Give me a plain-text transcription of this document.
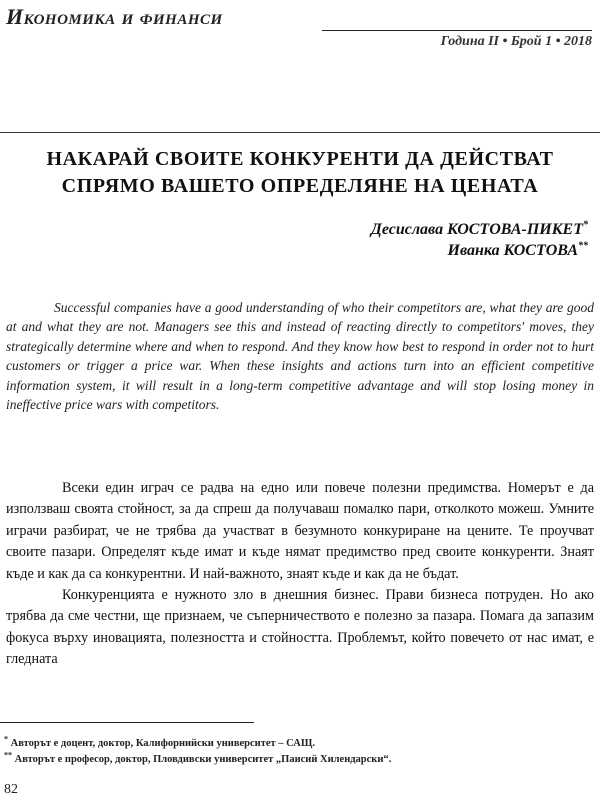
Икономика и финанси
Година II • Брой 1 • 2018
НАКАРАЙ СВОИТЕ КОНКУРЕНТИ ДА ДЕЙСТВАТ
СПРЯМО ВАШЕТО ОПРЕДЕЛЯНЕ НА ЦЕНАТА
Десислава КОСТОВА-ПИКЕТ*
Иванка КОСТОВА**
Successful companies have a good understanding of who their competitors are, what they are good at and what they are not. Managers see this and instead of reacting directly to competitors' moves, they strategically determine where and when to respond. And they know how best to respond in order not to hurt customers or trigger a price war. When these insights and actions turn into an efficient competitive information system, it will result in a long-term competitive advantage and will stop losing money in ineffective price wars with competitors.

Всеки един играч се радва на едно или повече полезни предимства. Номерът е да използваш своята стойност, за да спреш да получаваш помалко пари, отколкото можеш. Умните играчи разбират, че не трябва да участват в безумното конкуриране на цените. Те проучват своите пазари. Определят къде имат и къде нямат предимство пред своите конкуренти. Знаят къде и как да са конкурентни. И най-важното, знаят къде и как да не бъдат.

Конкуренцията е нужното зло в днешния бизнес. Прави бизнеса потруден. Но ако трябва да сме честни, ще признаем, че съперничеството е полезно за пазара. Помага да запазим фокуса върху иновацията, полезността и стойността. Проблемът, който повечето от нас имат, е гледната

* Авторът е доцент, доктор, Калифорнийски университет – САЩ.
** Авторът е професор, доктор, Пловдивски университет „Паисий Хилендарски“.
82
